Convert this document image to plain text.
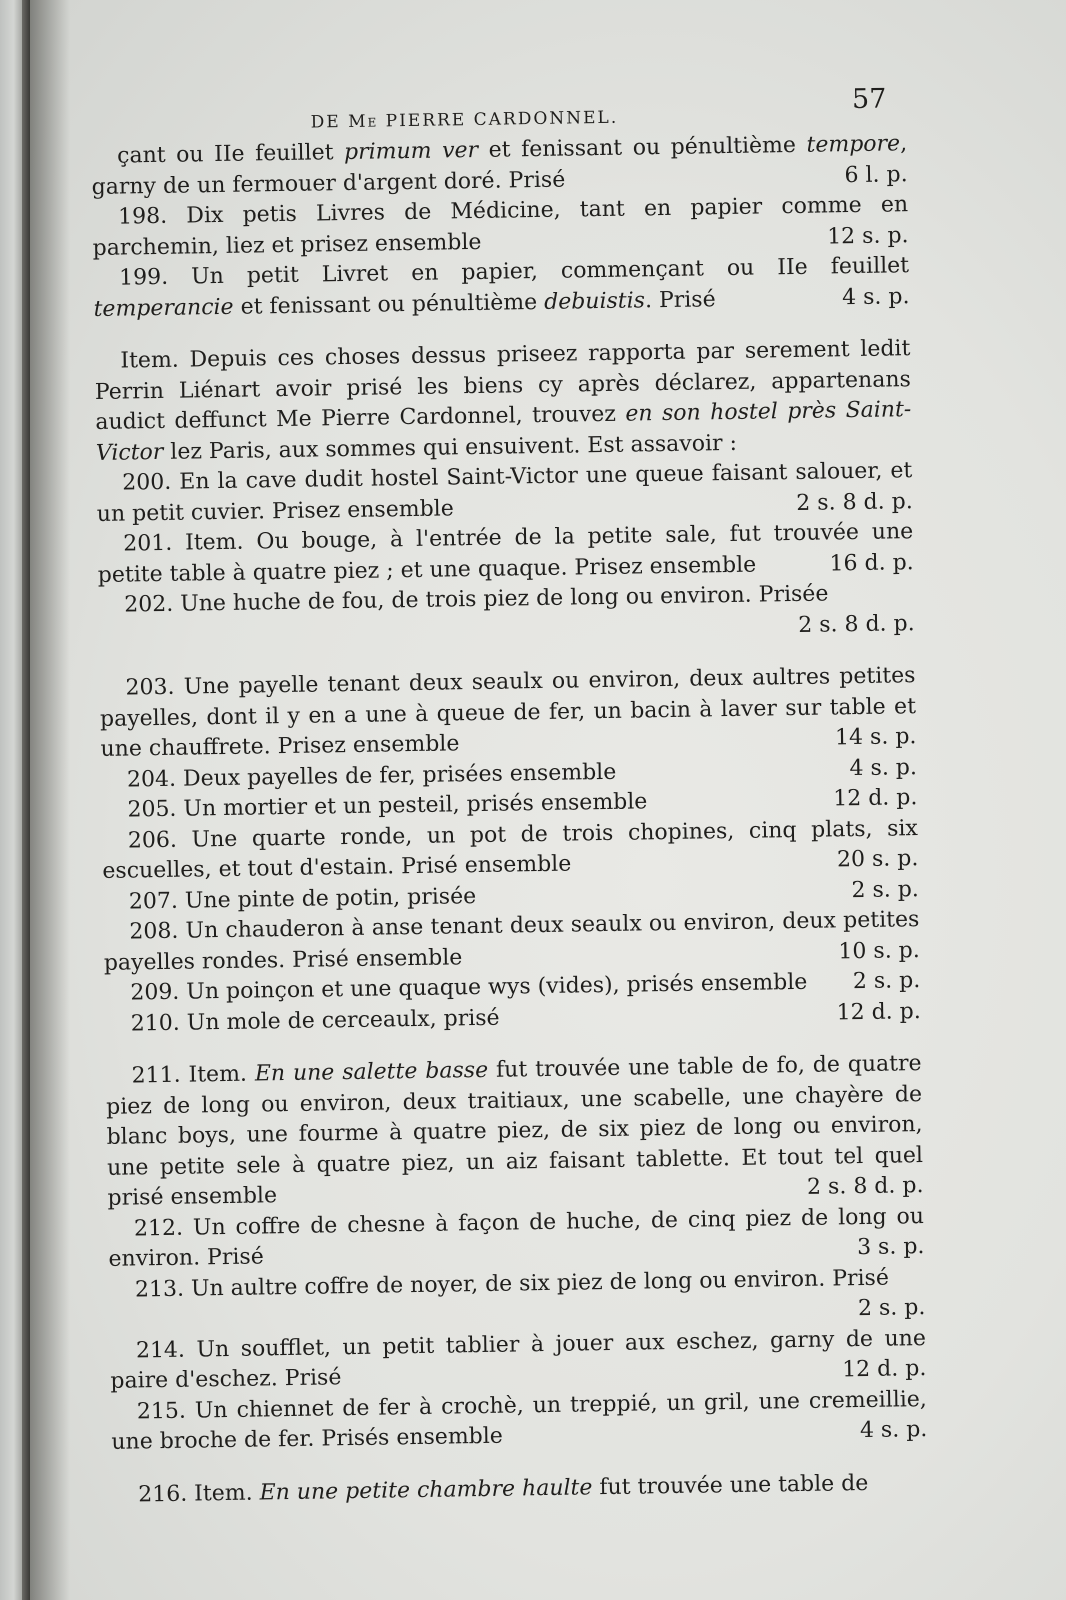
DE Me PIERRE CARDONNEL.
57

çant ou IIe feuillet primum ver et fenissant ou pénultième tempore, garny de un fermouer d'argent doré. Prisé	6 l. p.

198. Dix petis Livres de Médicine, tant en papier comme en parchemin, liez et prisez ensemble	12 s. p.

199. Un petit Livret en papier, commençant ou IIe feuillet temperancie et fenissant ou pénultième debuistis. Prisé	4 s. p.

Item. Depuis ces choses dessus priseez rapporta par serement ledit Perrin Liénart avoir prisé les biens cy après déclarez, appartenans audict deffunct Me Pierre Cardonnel, trouvez en son hostel près Saint-Victor lez Paris, aux sommes qui ensuivent. Est assavoir :

200. En la cave dudit hostel Saint-Victor une queue faisant salouer, et un petit cuvier. Prisez ensemble	2 s. 8 d. p.

201. Item. Ou bouge, à l'entrée de la petite sale, fut trouvée une petite table à quatre piez ; et une quaque. Prisez ensemble	16 d. p.

202. Une huche de fou, de trois piez de long ou environ. Prisée
2 s. 8 d. p.

203. Une payelle tenant deux seaulx ou environ, deux aultres petites payelles, dont il y en a une à queue de fer, un bacin à laver sur table et une chauffrete. Prisez ensemble	14 s. p.

204. Deux payelles de fer, prisées ensemble	4 s. p.

205. Un mortier et un pesteil, prisés ensemble	12 d. p.

206. Une quarte ronde, un pot de trois chopines, cinq plats, six escuelles, et tout d'estain. Prisé ensemble	20 s. p.

207. Une pinte de potin, prisée	2 s. p.

208. Un chauderon à anse tenant deux seaulx ou environ, deux petites payelles rondes. Prisé ensemble	10 s. p.

209. Un poinçon et une quaque wys (vides), prisés ensemble 2 s. p.

210. Un mole de cerceaulx, prisé	12 d. p.

211. Item. En une salette basse fut trouvée une table de fo, de quatre piez de long ou environ, deux traitiaux, une scabelle, une chayère de blanc boys, une fourme à quatre piez, de six piez de long ou environ, une petite sele à quatre piez, un aiz faisant tablette. Et tout tel quel prisé ensemble	2 s. 8 d. p.

212. Un coffre de chesne à façon de huche, de cinq piez de long ou environ. Prisé	3 s. p.

213. Un aultre coffre de noyer, de six piez de long ou environ. Prisé
2 s. p.

214. Un soufflet, un petit tablier à jouer aux eschez, garny de une paire d'eschez. Prisé	12 d. p.

215. Un chiennet de fer à crochè, un treppié, un gril, une cremeillie, une broche de fer. Prisés ensemble	4 s. p.

216. Item. En une petite chambre haulte fut trouvée une table de
